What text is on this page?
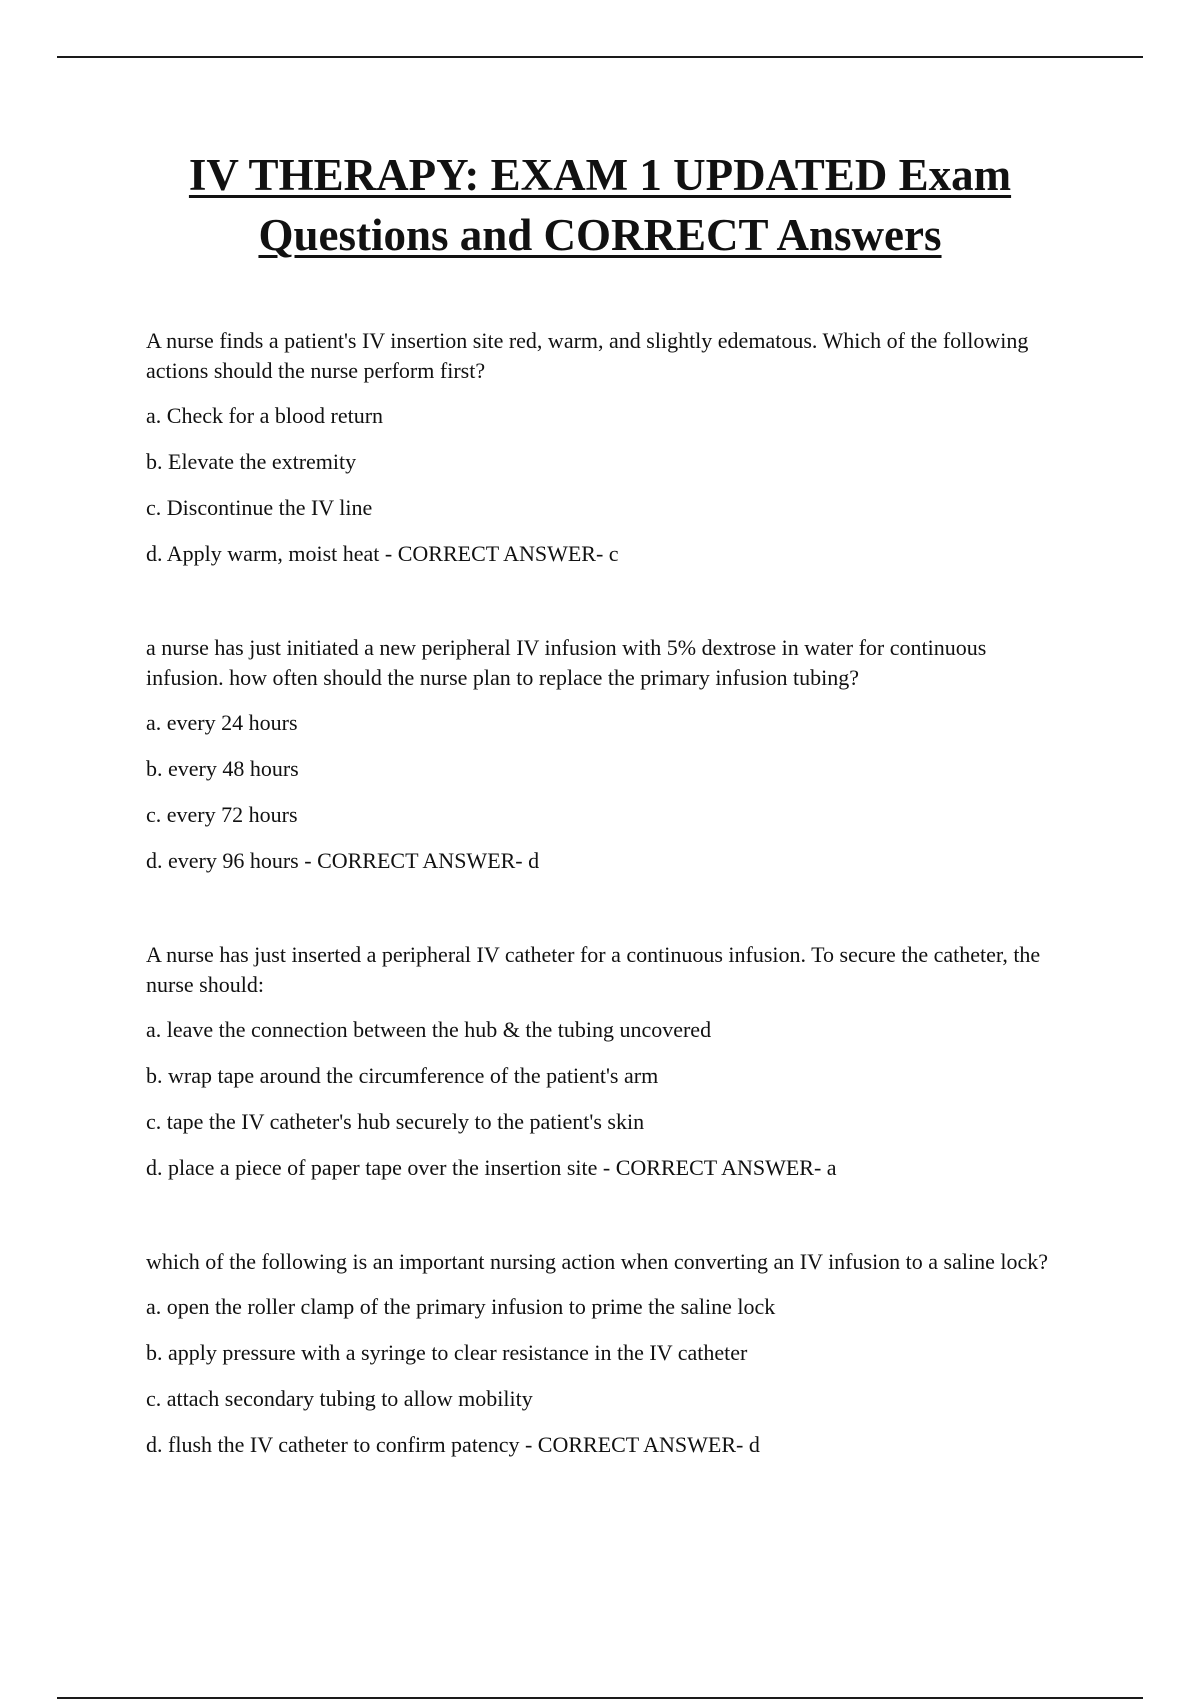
IV THERAPY: EXAM 1 UPDATED Exam
Questions and CORRECT Answers

A nurse finds a patient's IV insertion site red, warm, and slightly edematous. Which of the following actions should the nurse perform first?

a. Check for a blood return

b. Elevate the extremity

c. Discontinue the IV line

d. Apply warm, moist heat - CORRECT ANSWER- c

a nurse has just initiated a new peripheral IV infusion with 5% dextrose in water for continuous infusion. how often should the nurse plan to replace the primary infusion tubing?

a. every 24 hours

b. every 48 hours

c. every 72 hours

d. every 96 hours - CORRECT ANSWER- d

A nurse has just inserted a peripheral IV catheter for a continuous infusion. To secure the catheter, the nurse should:

a. leave the connection between the hub & the tubing uncovered

b. wrap tape around the circumference of the patient's arm

c. tape the IV catheter's hub securely to the patient's skin

d. place a piece of paper tape over the insertion site - CORRECT ANSWER- a

which of the following is an important nursing action when converting an IV infusion to a saline lock?

a. open the roller clamp of the primary infusion to prime the saline lock

b. apply pressure with a syringe to clear resistance in the IV catheter

c. attach secondary tubing to allow mobility

d. flush the IV catheter to confirm patency - CORRECT ANSWER- d
